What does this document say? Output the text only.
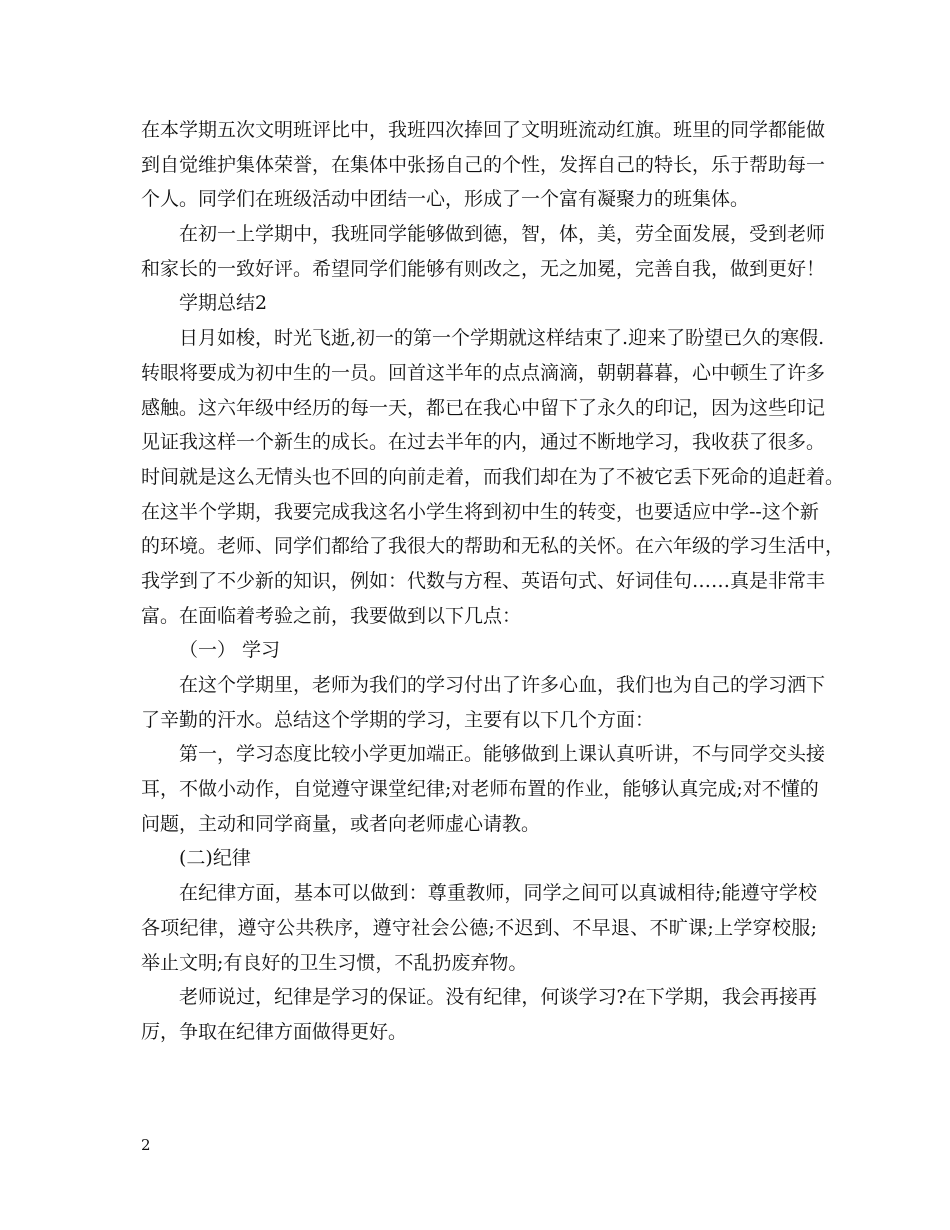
在本学期五次文明班评比中，我班四次捧回了文明班流动红旗。班里的同学都能做
到自觉维护集体荣誉，在集体中张扬自己的个性，发挥自己的特长，乐于帮助每一
个人。同学们在班级活动中团结一心，形成了一个富有凝聚力的班集体。
在初一上学期中，我班同学能够做到德，智，体，美，劳全面发展，受到老师
和家长的一致好评。希望同学们能够有则改之，无之加冕，完善自我，做到更好！
学期总结2
日月如梭，时光飞逝,初一的第一个学期就这样结束了.迎来了盼望已久的寒假.
转眼将要成为初中生的一员。回首这半年的点点滴滴，朝朝暮暮，心中顿生了许多
感触。这六年级中经历的每一天，都已在我心中留下了永久的印记，因为这些印记
见证我这样一个新生的成长。在过去半年的内，通过不断地学习，我收获了很多。
时间就是这么无情头也不回的向前走着，而我们却在为了不被它丢下死命的追赶着。
在这半个学期，我要完成我这名小学生将到初中生的转变，也要适应中学--这个新
的环境。老师、同学们都给了我很大的帮助和无私的关怀。在六年级的学习生活中，
我学到了不少新的知识，例如：代数与方程、英语句式、好词佳句……真是非常丰
富。在面临着考验之前，我要做到以下几点：
（一） 学习
在这个学期里，老师为我们的学习付出了许多心血，我们也为自己的学习洒下
了辛勤的汗水。总结这个学期的学习，主要有以下几个方面：
第一，学习态度比较小学更加端正。能够做到上课认真听讲，不与同学交头接
耳，不做小动作，自觉遵守课堂纪律;对老师布置的作业，能够认真完成;对不懂的
问题，主动和同学商量，或者向老师虚心请教。
(二)纪律
在纪律方面，基本可以做到：尊重教师，同学之间可以真诚相待;能遵守学校
各项纪律，遵守公共秩序，遵守社会公德;不迟到、不早退、不旷课;上学穿校服;
举止文明;有良好的卫生习惯，不乱扔废弃物。
老师说过，纪律是学习的保证。没有纪律，何谈学习?在下学期，我会再接再
厉，争取在纪律方面做得更好。
2
